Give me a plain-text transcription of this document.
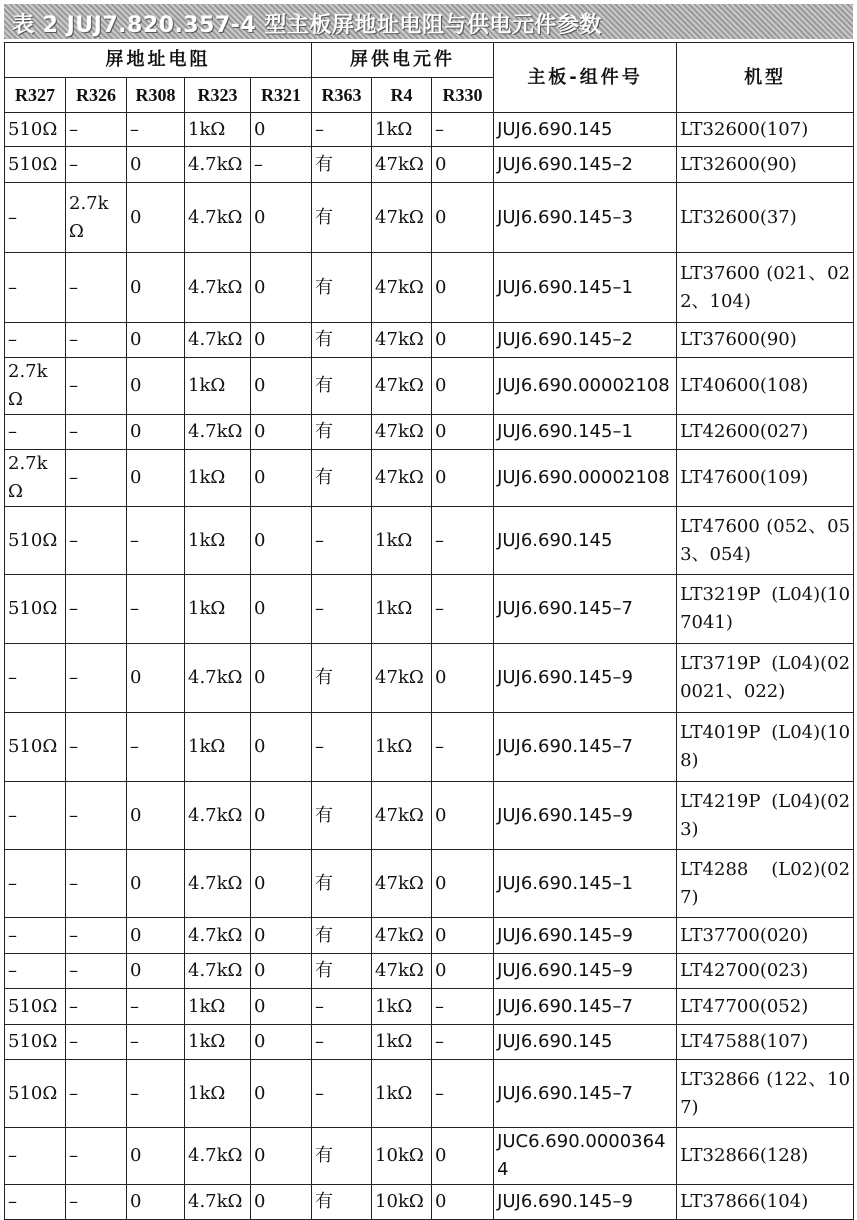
表 2 JUJ7.820.357-4 型主板屏地址电阻与供电元件参数
屏地址电阻					屏供电元件			主板-组件号	机型
R327	R326	R308	R323	R321	R363	R4	R330		
510Ω	–	–	1kΩ	0	–	1kΩ	–	JUJ6.690.145	LT32600(107)
510Ω	–	0	4.7kΩ	–	有	47kΩ	0	JUJ6.690.145–2	LT32600(90)
–	2.7kΩ	0	4.7kΩ	0	有	47kΩ	0	JUJ6.690.145–3	LT32600(37)
–	–	0	4.7kΩ	0	有	47kΩ	0	JUJ6.690.145–1	LT37600 (021、022、104)
–	–	0	4.7kΩ	0	有	47kΩ	0	JUJ6.690.145–2	LT37600(90)
2.7kΩ	–	0	1kΩ	0	有	47kΩ	0	JUJ6.690.00002108	LT40600(108)
–	–	0	4.7kΩ	0	有	47kΩ	0	JUJ6.690.145–1	LT42600(027)
2.7kΩ	–	0	1kΩ	0	有	47kΩ	0	JUJ6.690.00002108	LT47600(109)
510Ω	–	–	1kΩ	0	–	1kΩ	–	JUJ6.690.145	LT47600 (052、053、054)
510Ω	–	–	1kΩ	0	–	1kΩ	–	JUJ6.690.145–7	LT3219P (L04)(107041)
–	–	0	4.7kΩ	0	有	47kΩ	0	JUJ6.690.145–9	LT3719P (L04)(020021、022)
510Ω	–	–	1kΩ	0	–	1kΩ	–	JUJ6.690.145–7	LT4019P (L04)(108)
–	–	0	4.7kΩ	0	有	47kΩ	0	JUJ6.690.145–9	LT4219P (L04)(023)
–	–	0	4.7kΩ	0	有	47kΩ	0	JUJ6.690.145–1	LT4288 (L02)(027)
–	–	0	4.7kΩ	0	有	47kΩ	0	JUJ6.690.145–9	LT37700(020)
–	–	0	4.7kΩ	0	有	47kΩ	0	JUJ6.690.145–9	LT42700(023)
510Ω	–	–	1kΩ	0	–	1kΩ	–	JUJ6.690.145–7	LT47700(052)
510Ω	–	–	1kΩ	0	–	1kΩ	–	JUJ6.690.145	LT47588(107)
510Ω	–	–	1kΩ	0	–	1kΩ	–	JUJ6.690.145–7	LT32866 (122、107)
–	–	0	4.7kΩ	0	有	10kΩ	0	JUC6.690.00003644	LT32866(128)
–	–	0	4.7kΩ	0	有	10kΩ	0	JUJ6.690.145–9	LT37866(104)
